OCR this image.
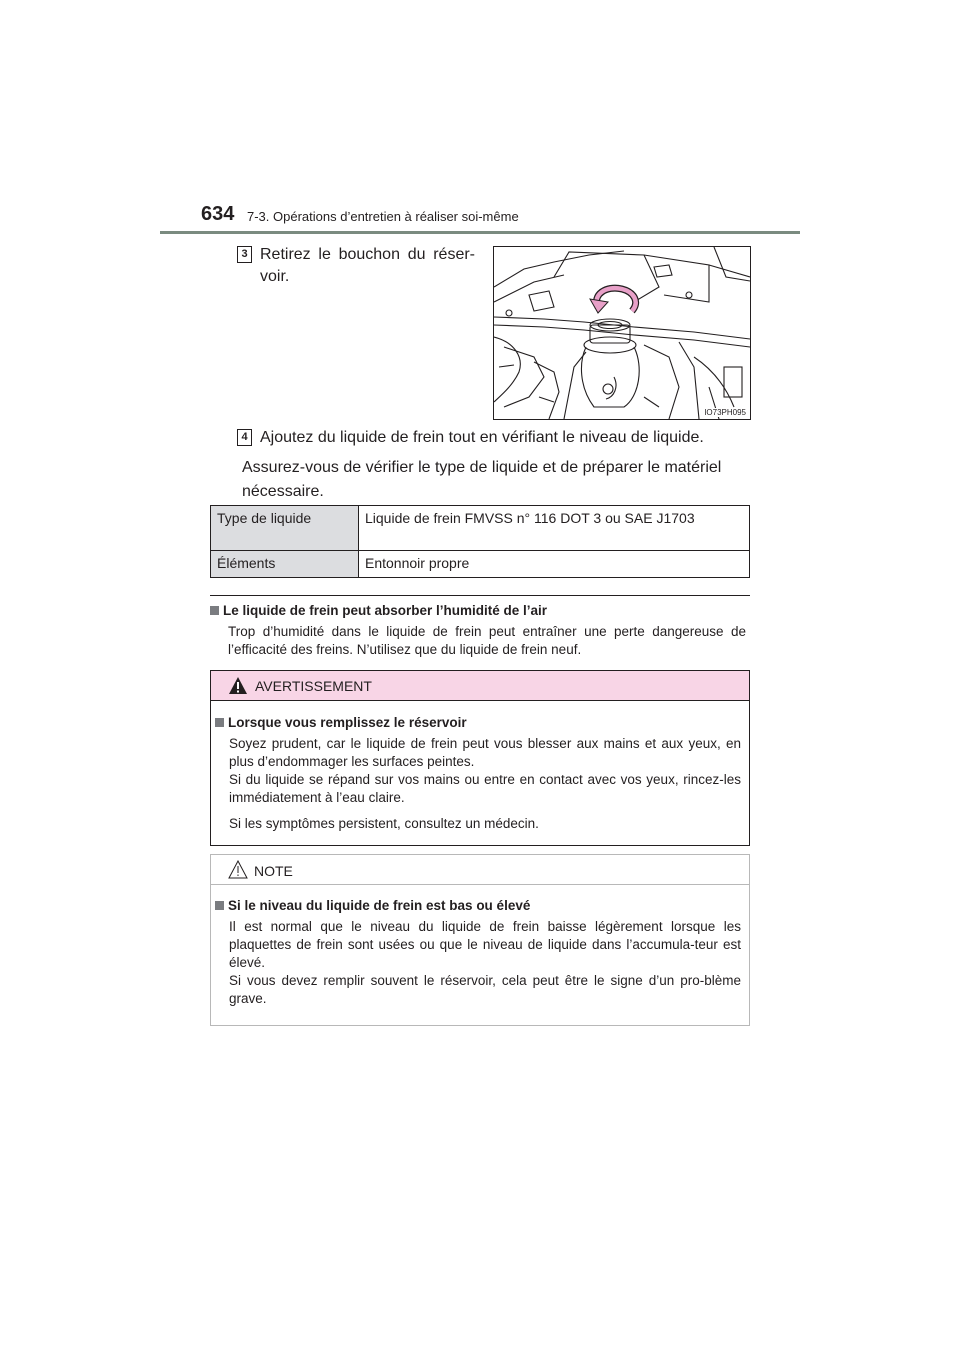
634 7-3. Opérations d’entretien à réaliser soi-même
3 Retirez le bouchon du réser-voir.
IO73PH095
4 Ajoutez du liquide de frein tout en vérifiant le niveau de liquide.
Assurez-vous de vérifier le type de liquide et de préparer le matériel nécessaire.
Type de liquide	Liquide de frein FMVSS n° 116 DOT 3 ou SAE J1703
Éléments	Entonnoir propre
Le liquide de frein peut absorber l’humidité de l’air
Trop d’humidité dans le liquide de frein peut entraîner une perte dangereuse de l’efficacité des freins. N’utilisez que du liquide de frein neuf.
AVERTISSEMENT
Lorsque vous remplissez le réservoir

Soyez prudent, car le liquide de frein peut vous blesser aux mains et aux yeux, en plus d’endommager les surfaces peintes.

Si du liquide se répand sur vos mains ou entre en contact avec vos yeux, rincez-les immédiatement à l’eau claire.

Si les symptômes persistent, consultez un médecin.

NOTE
Si le niveau du liquide de frein est bas ou élevé

Il est normal que le niveau du liquide de frein baisse légèrement lorsque les plaquettes de frein sont usées ou que le niveau de liquide dans l’accumula-teur est élevé.

Si vous devez remplir souvent le réservoir, cela peut être le signe d’un pro-blème grave.
